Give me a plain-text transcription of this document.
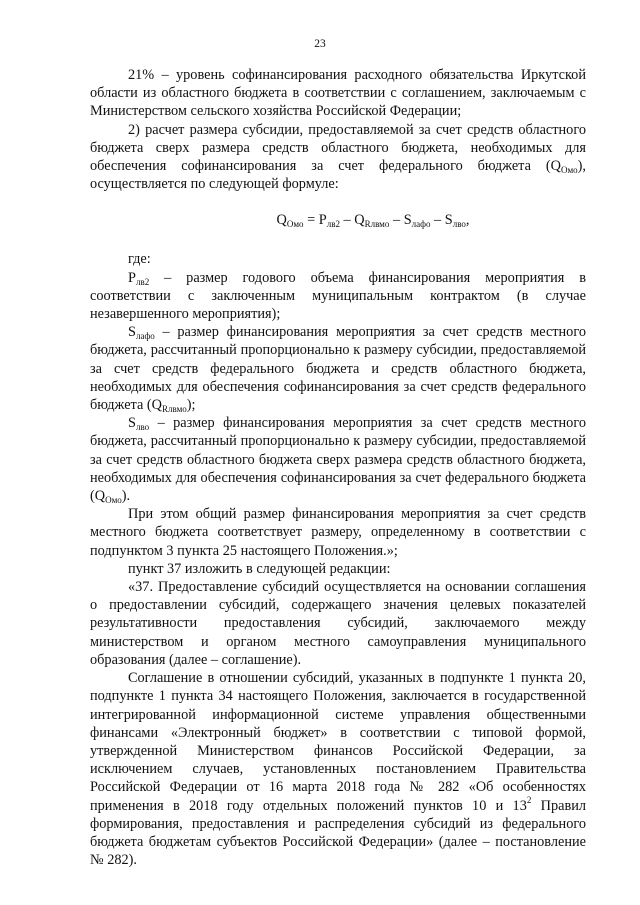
23

21% – уровень софинансирования расходного обязательства Иркутской области из областного бюджета в соответствии с соглашением, заключаемым с Министерством сельского хозяйства Российской Федерации;

2) расчет размера субсидии, предоставляемой за счет средств областного бюджета сверх размера средств областного бюджета, необходимых для обеспечения софинансирования за счет федерального бюджета $(Q_{Омо})$, осуществляется по следующей формуле:

$Q_{Омо} = P_{лв2} - Q_{Rлвмо} - S_{лафо} - S_{лво}$,

где:

$P_{лв2}$ – размер годового объема финансирования мероприятия в соответствии с заключенным муниципальным контрактом (в случае незавершенного мероприятия);

$S_{лафо}$ – размер финансирования мероприятия за счет средств местного бюджета, рассчитанный пропорционально к размеру субсидии, предоставляемой за счет средств федерального бюджета и средств областного бюджета, необходимых для обеспечения софинансирования за счет средств федерального бюджета $(Q_{Rлвмо})$;

$S_{лво}$ – размер финансирования мероприятия за счет средств местного бюджета, рассчитанный пропорционально к размеру субсидии, предоставляемой за счет средств областного бюджета сверх размера средств областного бюджета, необходимых для обеспечения софинансирования за счет федерального бюджета $(Q_{Омо})$.

При этом общий размер финансирования мероприятия за счет средств местного бюджета соответствует размеру, определенному в соответствии с подпунктом 3 пункта 25 настоящего Положения.»;

пункт 37 изложить в следующей редакции:

«37. Предоставление субсидий осуществляется на основании соглашения о предоставлении субсидий, содержащего значения целевых показателей результативности предоставления субсидий, заключаемого между министерством и органом местного самоуправления муниципального образования (далее – соглашение).

Соглашение в отношении субсидий, указанных в подпункте 1 пункта 20, подпункте 1 пункта 34 настоящего Положения, заключается в государственной интегрированной информационной системе управления общественными финансами «Электронный бюджет» в соответствии с типовой формой, утвержденной Министерством финансов Российской Федерации, за исключением случаев, установленных постановлением Правительства Российской Федерации от 16 марта 2018 года № 282 «Об особенностях применения в 2018 году отдельных положений пунктов 10 и $13^2$ Правил формирования, предоставления и распределения субсидий из федерального бюджета бюджетам субъектов Российской Федерации» (далее – постановление № 282).
